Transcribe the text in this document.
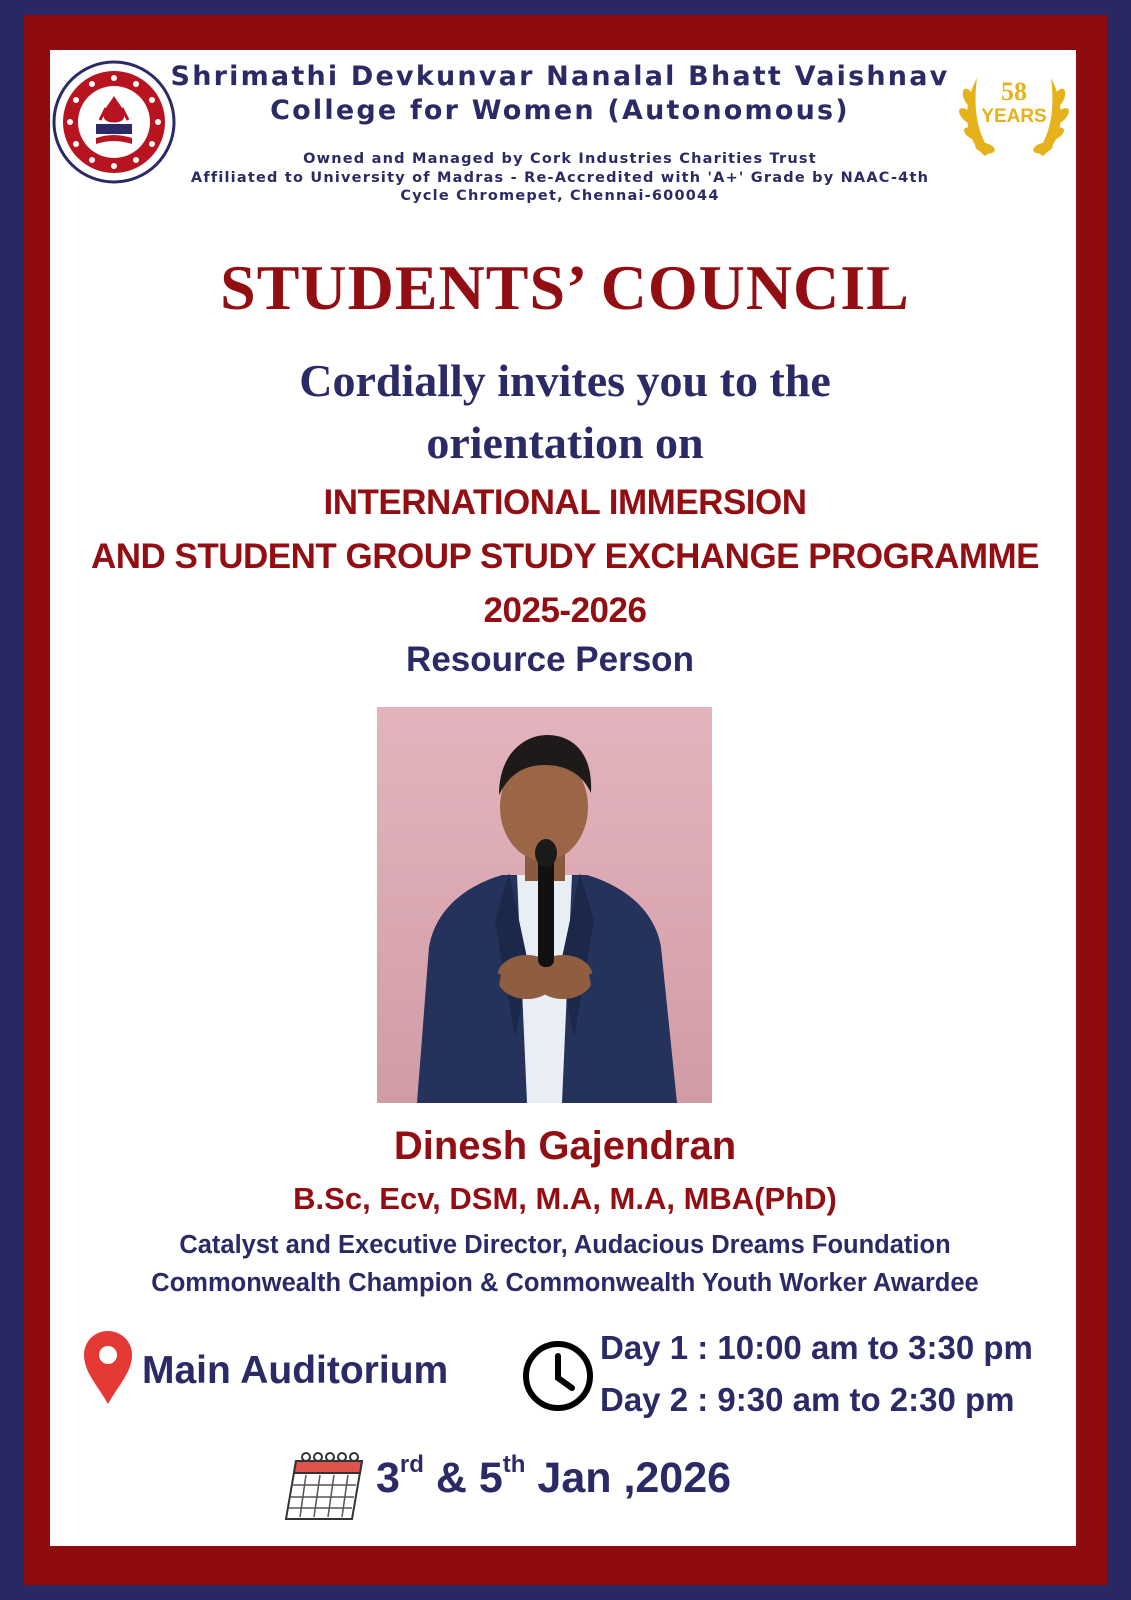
58
YEARS
Shrimathi Devkunvar Nanalal Bhatt Vaishnav
College for Women (Autonomous)
Owned and Managed by Cork Industries Charities Trust
Affiliated to University of Madras - Re-Accredited with 'A+' Grade by NAAC-4th
Cycle Chromepet, Chennai-600044
STUDENTS’ COUNCIL
Cordially invites you to the
orientation on
INTERNATIONAL IMMERSION
AND STUDENT GROUP STUDY EXCHANGE PROGRAMME
2025-2026
Resource Person
Dinesh Gajendran
B.Sc, Ecv, DSM, M.A, M.A, MBA(PhD)
Catalyst and Executive Director, Audacious Dreams Foundation
Commonwealth Champion & Commonwealth Youth Worker Awardee
Main Auditorium
Day 1 : 10:00 am to 3:30 pm
Day 2 : 9:30 am to 2:30 pm
3rd & 5th Jan ,2026
